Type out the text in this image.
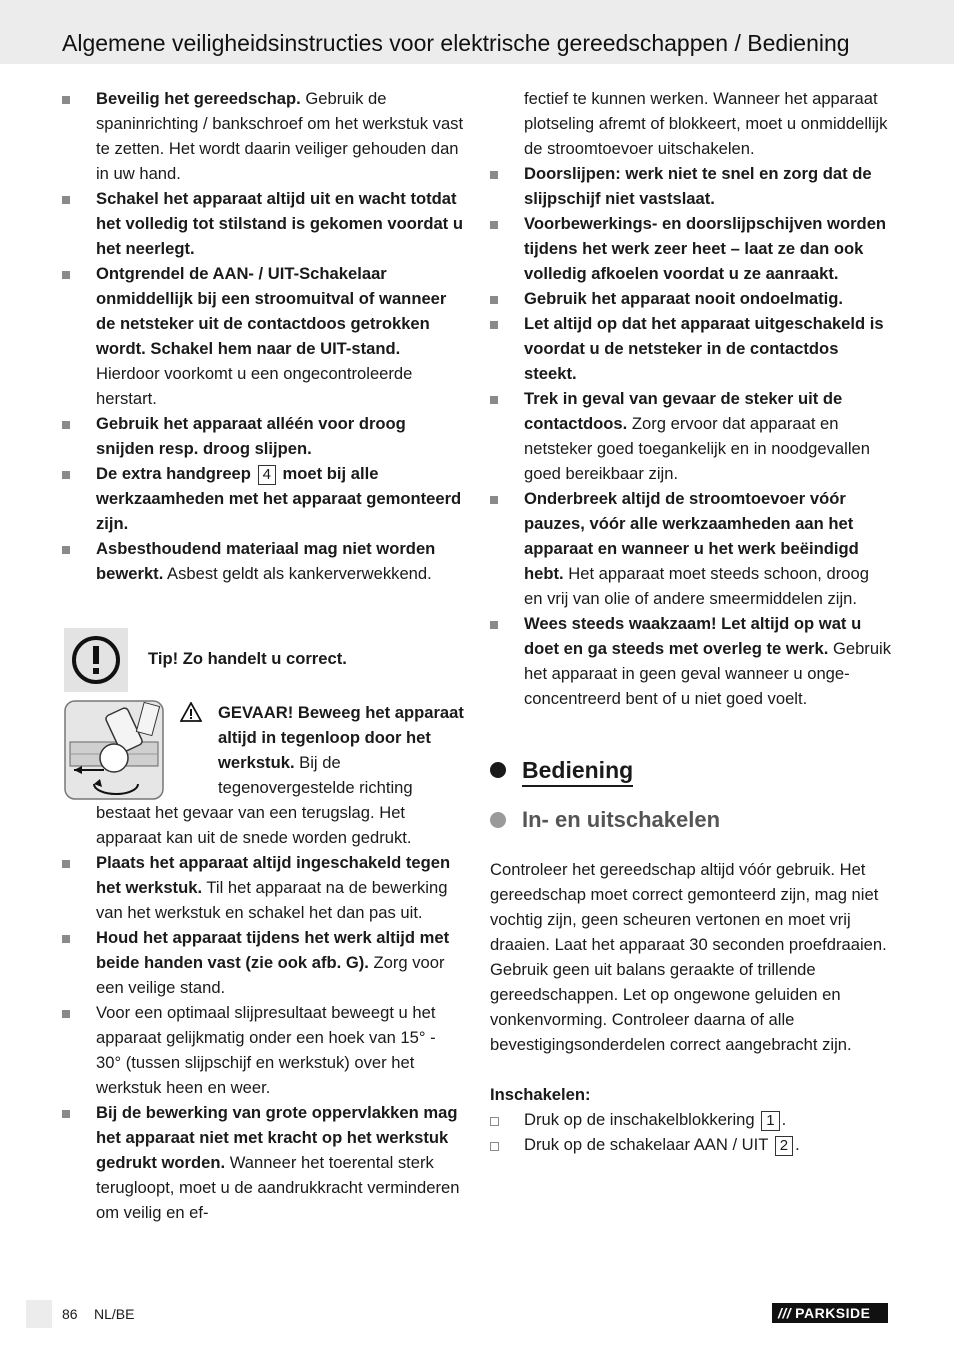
Algemene veiligheidsinstructies voor elektrische gereedschappen / Bediening
Beveilig het gereedschap. Gebruik de spaninrichting / bankschroef om het werkstuk vast te zetten. Het wordt daarin veiliger gehouden dan in uw hand.
Schakel het apparaat altijd uit en wacht totdat het volledig tot stilstand is gekomen voordat u het neerlegt.
Ontgrendel de AAN- / UIT-Schakelaar onmiddellijk bij een stroomuitval of wanneer de netsteker uit de contactdoos getrokken wordt. Schakel hem naar de UIT-stand. Hierdoor voorkomt u een ongecontroleerde herstart.
Gebruik het apparaat alléén voor droog snijden resp. droog slijpen.
De extra handgreep 4 moet bij alle werkzaamheden met het apparaat gemonteerd zijn.
Asbesthoudend materiaal mag niet worden bewerkt. Asbest geldt als kankerverwekkend.
Tip! Zo handelt u correct.
GEVAAR! Beweeg het apparaat altijd in tegenloop door het werkstuk. Bij de tegenovergestelde richting
bestaat het gevaar van een terugslag. Het apparaat kan uit de snede worden gedrukt.
Plaats het apparaat altijd ingeschakeld tegen het werkstuk. Til het apparaat na de bewerking van het werkstuk en schakel het dan pas uit.
Houd het apparaat tijdens het werk altijd met beide handen vast (zie ook afb. G). Zorg voor een veilige stand.
Voor een optimaal slijpresultaat beweegt u het apparaat gelijkmatig onder een hoek van 15° - 30° (tussen slijpschijf en werkstuk) over het werkstuk heen en weer.
Bij de bewerking van grote oppervlakken mag het apparaat niet met kracht op het werkstuk gedrukt worden. Wanneer het toerental sterk terugloopt, moet u de aandrukkracht verminderen om veilig en ef-
fectief te kunnen werken. Wanneer het apparaat plotseling afremt of blokkeert, moet u onmiddellijk de stroomtoevoer uitschakelen.
Doorslijpen: werk niet te snel en zorg dat de slijpschijf niet vastslaat.
Voorbewerkings- en doorslijpschijven worden tijdens het werk zeer heet – laat ze dan ook volledig afkoelen voordat u ze aanraakt.
Gebruik het apparaat nooit ondoelmatig.
Let altijd op dat het apparaat uitgeschakeld is voordat u de netsteker in de contactdos steekt.
Trek in geval van gevaar de steker uit de contactdoos. Zorg ervoor dat apparaat en netsteker goed toegankelijk en in noodgevallen goed bereikbaar zijn.
Onderbreek altijd de stroomtoevoer vóór pauzes, vóór alle werkzaamheden aan het apparaat en wanneer u het werk beëindigd hebt. Het apparaat moet steeds schoon, droog en vrij van olie of andere smeermiddelen zijn.
Wees steeds waakzaam! Let altijd op wat u doet en ga steeds met overleg te werk. Gebruik het apparaat in geen geval wanneer u ongeconcentreerd bent of u niet goed voelt.
Bediening
In- en uitschakelen
Controleer het gereedschap altijd vóór gebruik. Het gereedschap moet correct gemonteerd zijn, mag niet vochtig zijn, geen scheuren vertonen en moet vrij draaien. Laat het apparaat 30 seconden proefdraaien. Gebruik geen uit balans geraakte of trillende gereedschappen. Let op ongewone geluiden en vonkenvorming. Controleer daarna of alle bevestigingsonderdelen correct aangebracht zijn.
Inschakelen:
Druk op de inschakelblokkering 1 .
Druk op de schakelaar AAN / UIT 2 .
86 NL/BE	/// PARKSIDE
